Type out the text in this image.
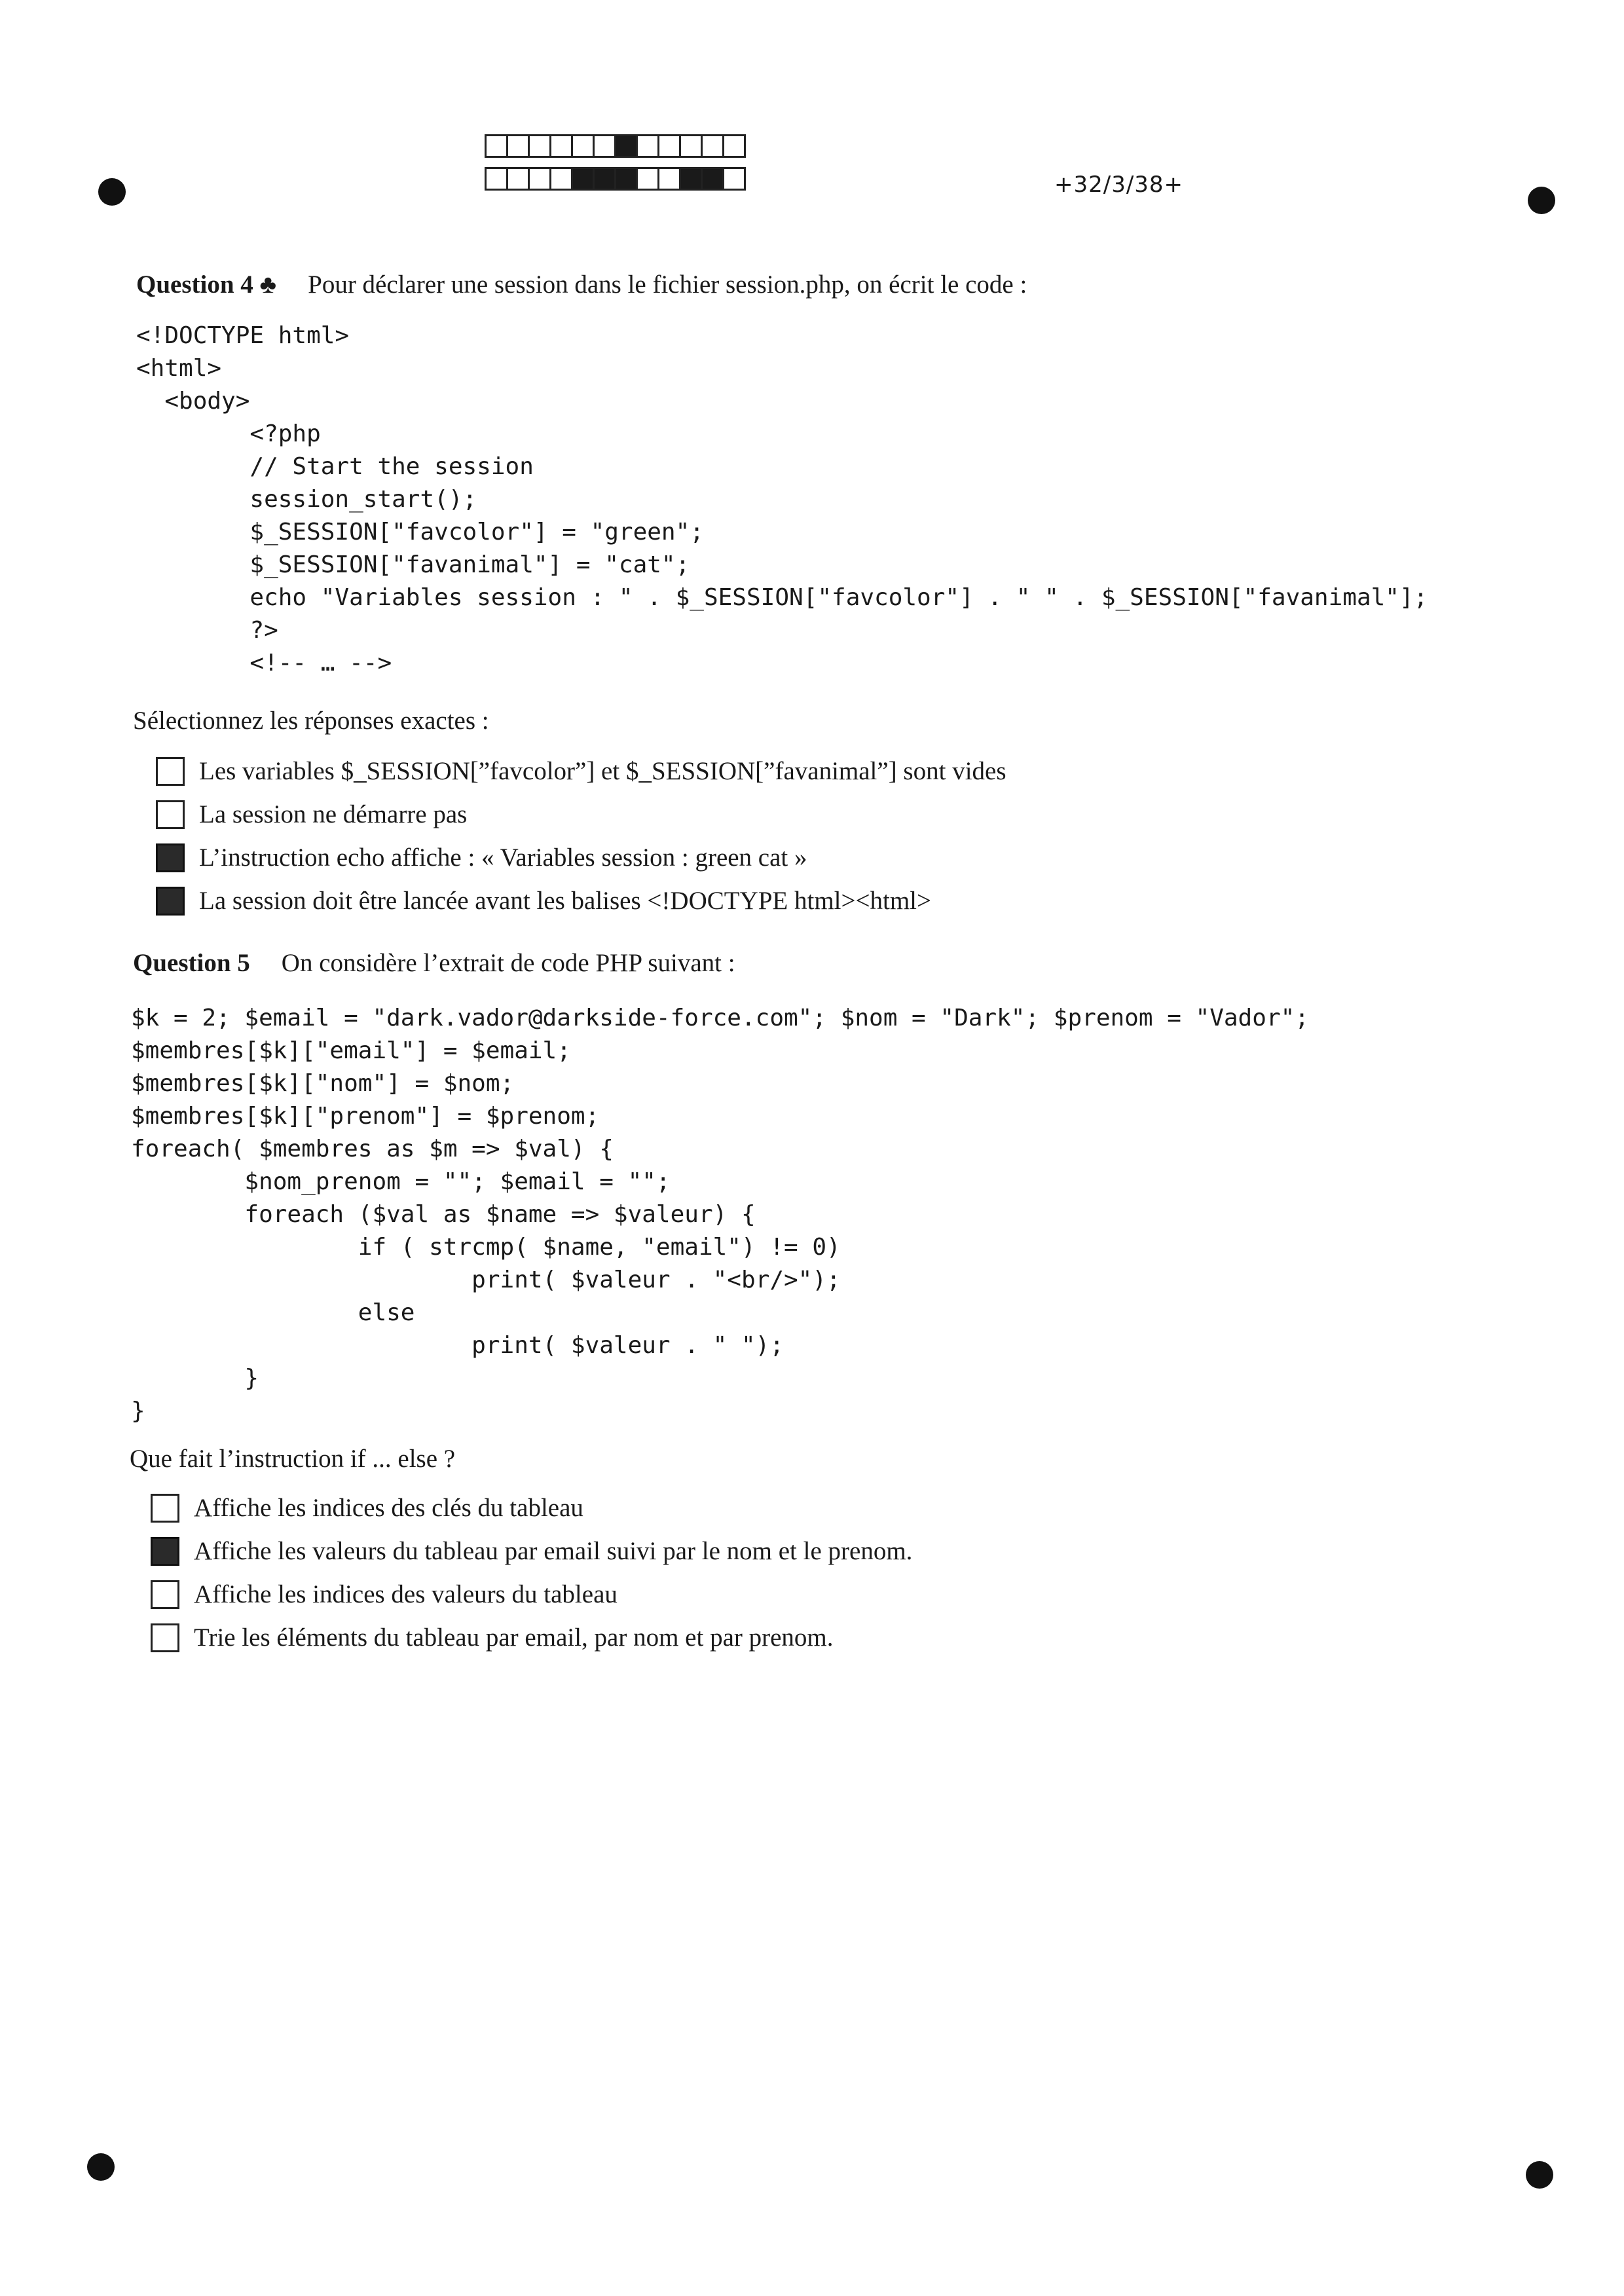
+32/3/38+
Question 4 ♣ Pour déclarer une session dans le fichier session.php, on écrit le code :
<!DOCTYPE html>
<html>
<body>
<?php
// Start the session
session_start();
$_SESSION["favcolor"] = "green";
$_SESSION["favanimal"] = "cat";
echo "Variables session : " . $_SESSION["favcolor"] . " " . $_SESSION["favanimal"];
?>
<!-- … -->
Sélectionnez les réponses exactes :
Les variables $_SESSION[”favcolor”] et $_SESSION[”favanimal”] sont vides
La session ne démarre pas
L’instruction echo affiche : « Variables session : green cat »
La session doit être lancée avant les balises <!DOCTYPE html><html>
Question 5 On considère l’extrait de code PHP suivant :
$k = 2; $email = "dark.vador@darkside-force.com"; $nom = "Dark"; $prenom = "Vador";
$membres[$k]["email"] = $email;
$membres[$k]["nom"] = $nom;
$membres[$k]["prenom"] = $prenom;
foreach( $membres as $m => $val) {
$nom_prenom = ""; $email = "";
foreach ($val as $name => $valeur) {
if ( strcmp( $name, "email") != 0)
print( $valeur . "<br/>");
else
print( $valeur . " ");
}
}
Que fait l’instruction if ... else ?
Affiche les indices des clés du tableau
Affiche les valeurs du tableau par email suivi par le nom et le prenom.
Affiche les indices des valeurs du tableau
Trie les éléments du tableau par email, par nom et par prenom.
